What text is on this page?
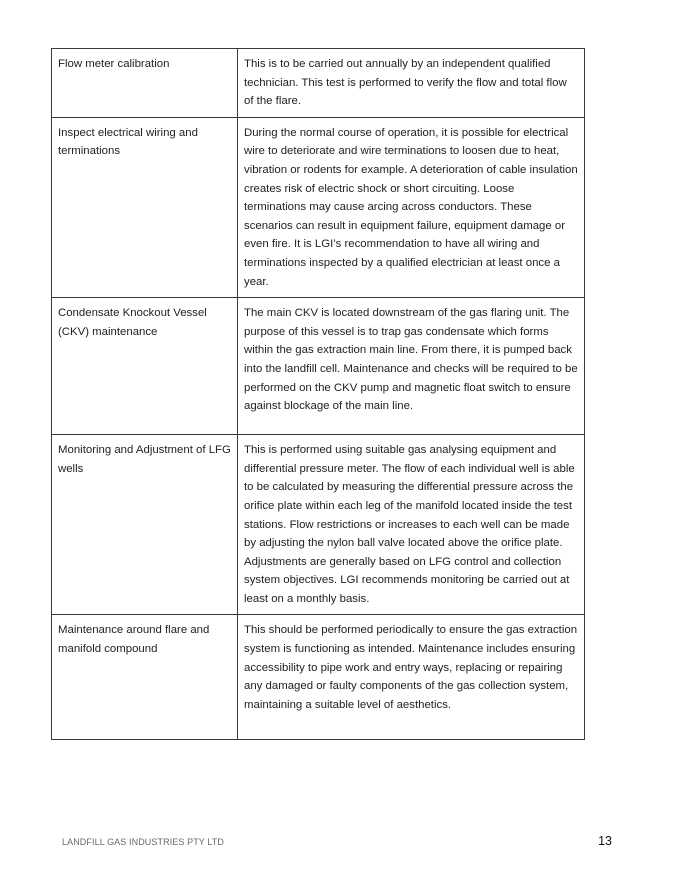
Flow meter calibration	This is to be carried out annually by an independent qualified technician. This test is performed to verify the flow and total flow of the flare.
Inspect electrical wiring and terminations	During the normal course of operation, it is possible for electrical wire to deteriorate and wire terminations to loosen due to heat, vibration or rodents for example. A deterioration of cable insulation creates risk of electric shock or short circuiting. Loose terminations may cause arcing across conductors. These scenarios can result in equipment failure, equipment damage or even fire. It is LGI’s recommendation to have all wiring and terminations inspected by a qualified electrician at least once a year.
Condensate Knockout Vessel (CKV) maintenance	The main CKV is located downstream of the gas flaring unit. The purpose of this vessel is to trap gas condensate which forms within the gas extraction main line. From there, it is pumped back into the landfill cell. Maintenance and checks will be required to be performed on the CKV pump and magnetic float switch to ensure against blockage of the main line.
Monitoring and Adjustment of LFG wells	This is performed using suitable gas analysing equipment and differential pressure meter. The flow of each individual well is able to be calculated by measuring the differential pressure across the orifice plate within each leg of the manifold located inside the test stations. Flow restrictions or increases to each well can be made by adjusting the nylon ball valve located above the orifice plate. Adjustments are generally based on LFG control and collection system objectives. LGI recommends monitoring be carried out at least on a monthly basis.
Maintenance around flare and manifold compound	This should be performed periodically to ensure the gas extraction system is functioning as intended. Maintenance includes ensuring accessibility to pipe work and entry ways, replacing or repairing any damaged or faulty components of the gas collection system, maintaining a suitable level of aesthetics.
LANDFILL GAS INDUSTRIES PTY LTD	13
